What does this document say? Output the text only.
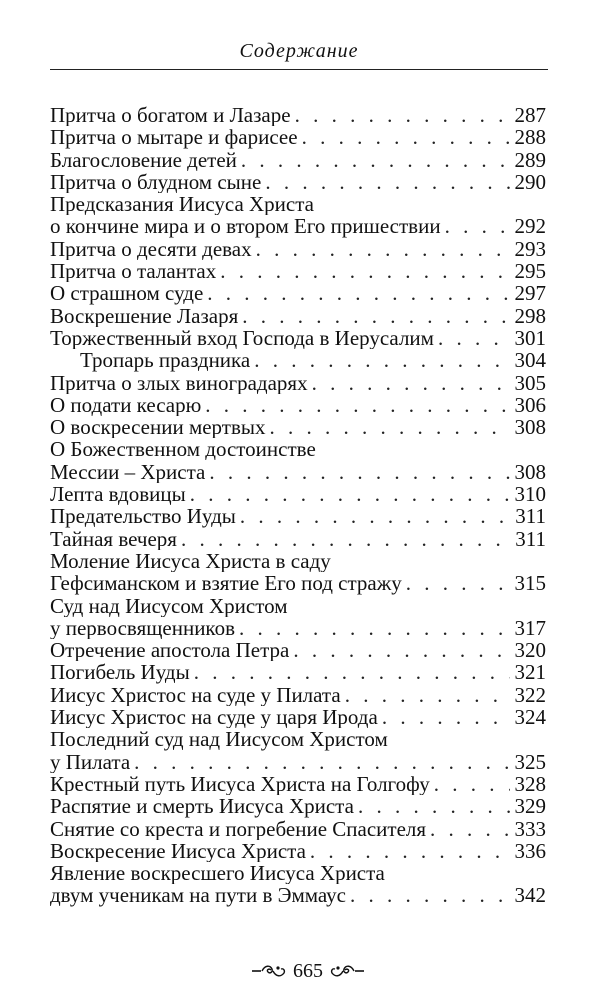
Содержание
Притча о богатом и Лазаре . . .	287
Притча о мытаре и фарисее . . .	288
Благословение детей . . .	289
Притча о блудном сыне . . .	290
Предсказания Иисуса Христа
о кончине мира и о втором Его пришествии . . .	292
Притча о десяти девах . . .	293
Притча о талантах . . .	295
О страшном суде . . .	297
Воскрешение Лазаря . . .	298
Торжественный вход Господа в Иерусалим . . .	301
Тропарь праздника . . .	304
Притча о злых виноградарях . . .	305
О подати кесарю . . .	306
О воскресении мертвых . . .	308
О Божественном достоинстве
Мессии – Христа . . .	308
Лепта вдовицы . . .	310
Предательство Иуды . . .	311
Тайная вечеря . . .	311
Моление Иисуса Христа в саду
Гефсиманском и взятие Его под стражу . . .	315
Суд над Иисусом Христом
у первосвященников . . .	317
Отречение апостола Петра . . .	320
Погибель Иуды . . .	321
Иисус Христос на суде у Пилата . . .	322
Иисус Христос на суде у царя Ирода . . .	324
Последний суд над Иисусом Христом
у Пилата . . .	325
Крестный путь Иисуса Христа на Голгофу . . .	328
Распятие и смерть Иисуса Христа . . .	329
Снятие со креста и погребение Спасителя . . .	333
Воскресение Иисуса Христа . . .	336
Явление воскресшего Иисуса Христа
двум ученикам на пути в Эммаус . . .	342
665
